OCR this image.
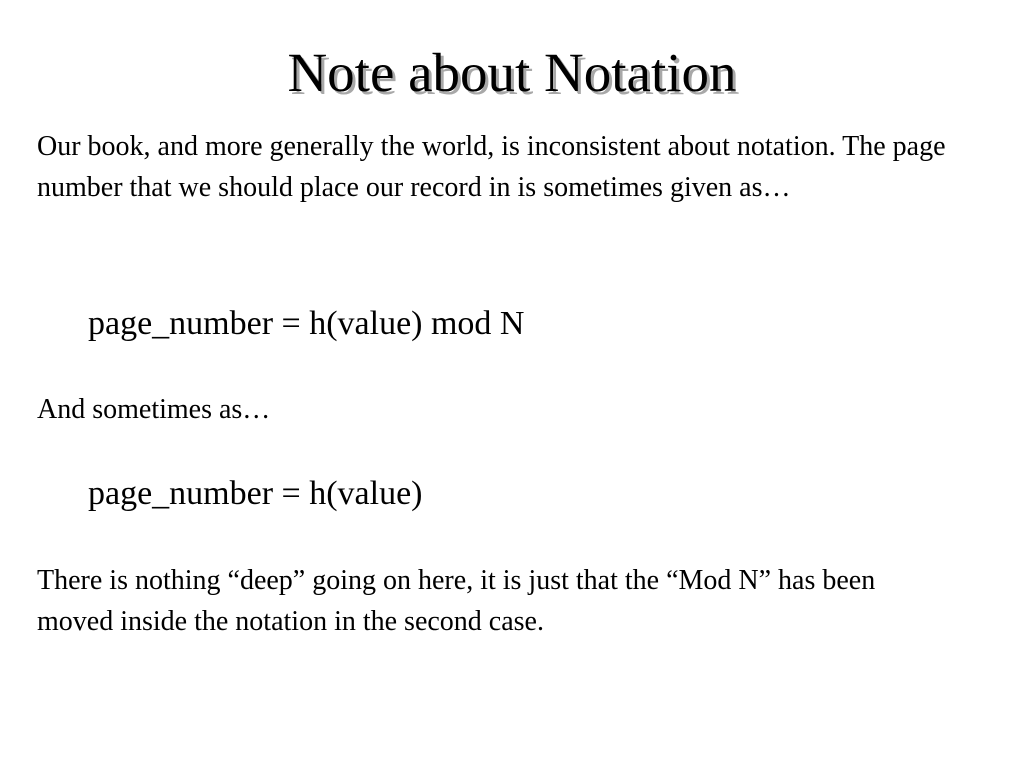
Note about Notation
Our book, and more generally the world, is inconsistent about notation. The page number that we should place our record in is sometimes given as…
page_number = h(value) mod N
And sometimes as…
page_number = h(value)
There is nothing “deep” going on here, it is just that the “Mod N” has been moved inside the notation in the second case.
